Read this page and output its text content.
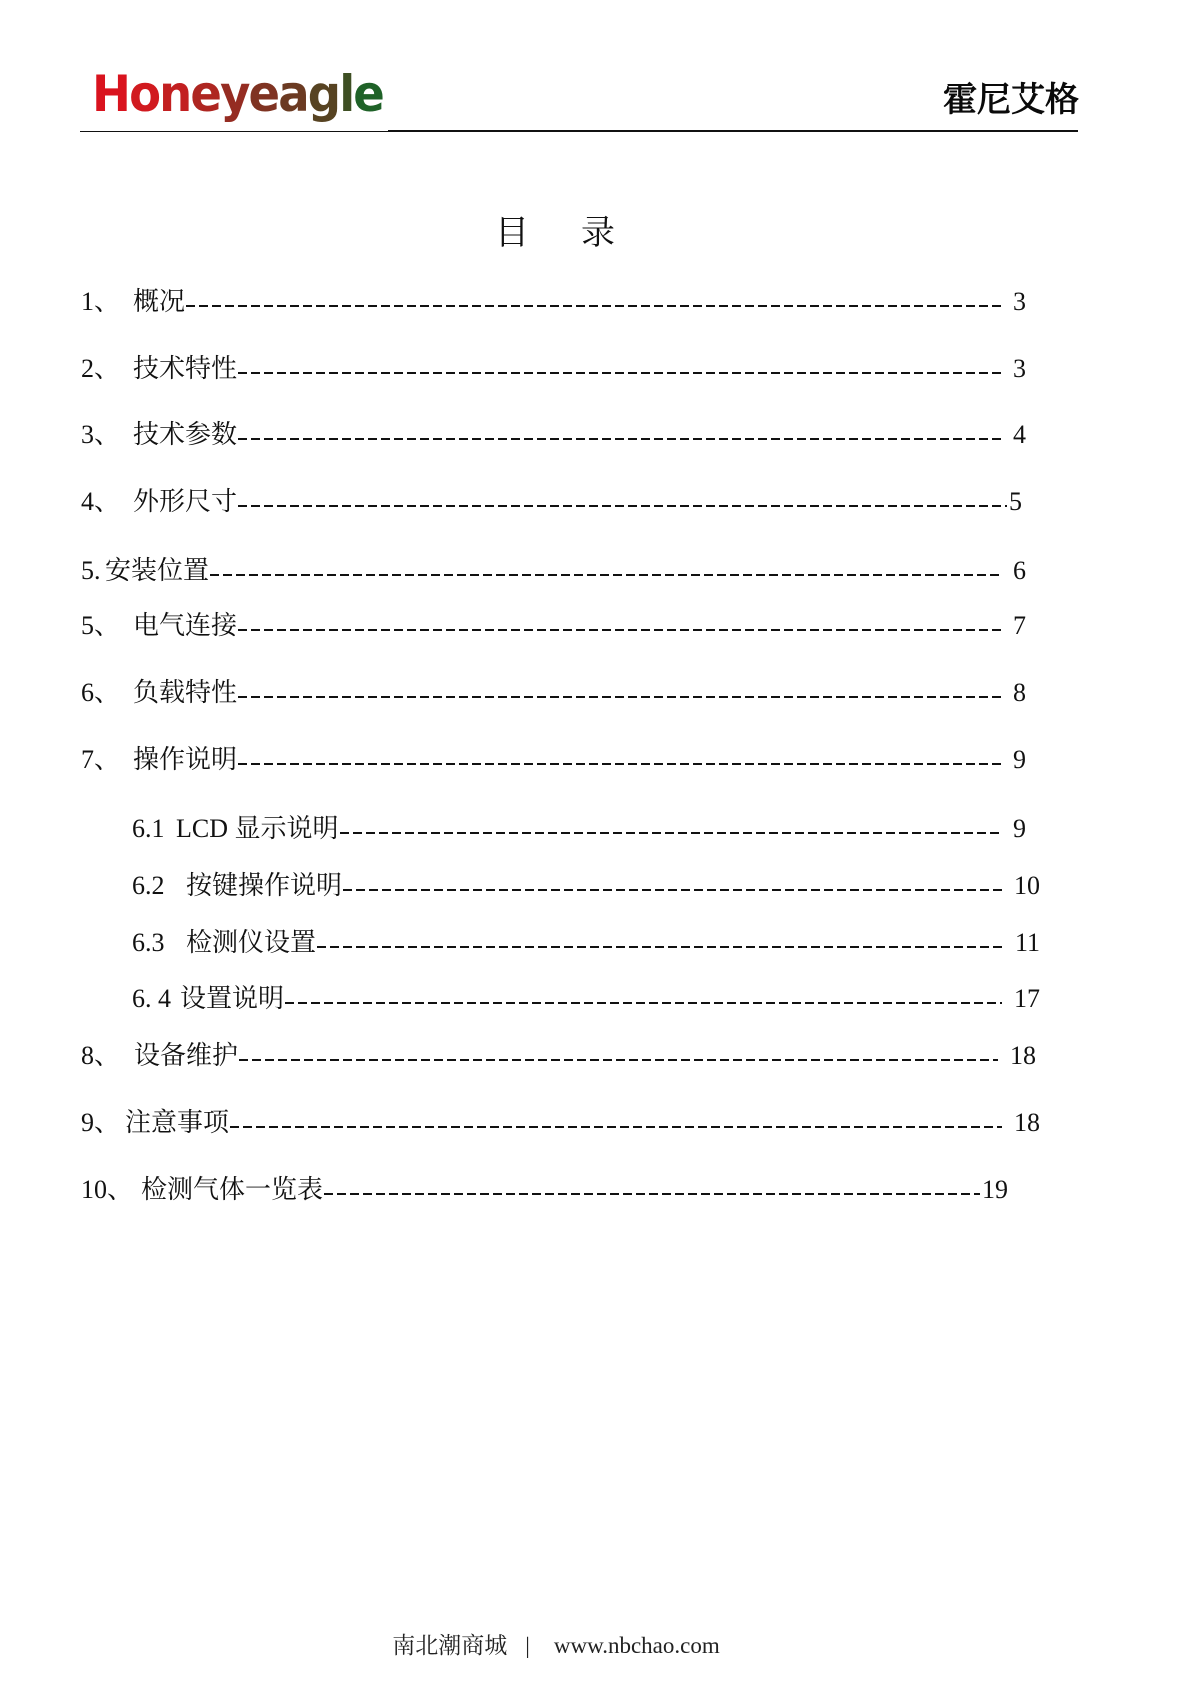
Honeyeagle	霍尼艾格
目 录
1、 概况	3
2、 技术特性	3
3、 技术参数	4
4、 外形尺寸	5
5. 安装位置	6
5、 电气连接	7
6、 负载特性	8
7、 操作说明	9
6.1 LCD 显示说明	9
6.2 按键操作说明	10
6.3 检测仪设置	11
6. 4 设置说明	17
8、 设备维护	18
9、 注意事项	18
10、 检测气体一览表	19
南北潮商城 | www.nbchao.com
